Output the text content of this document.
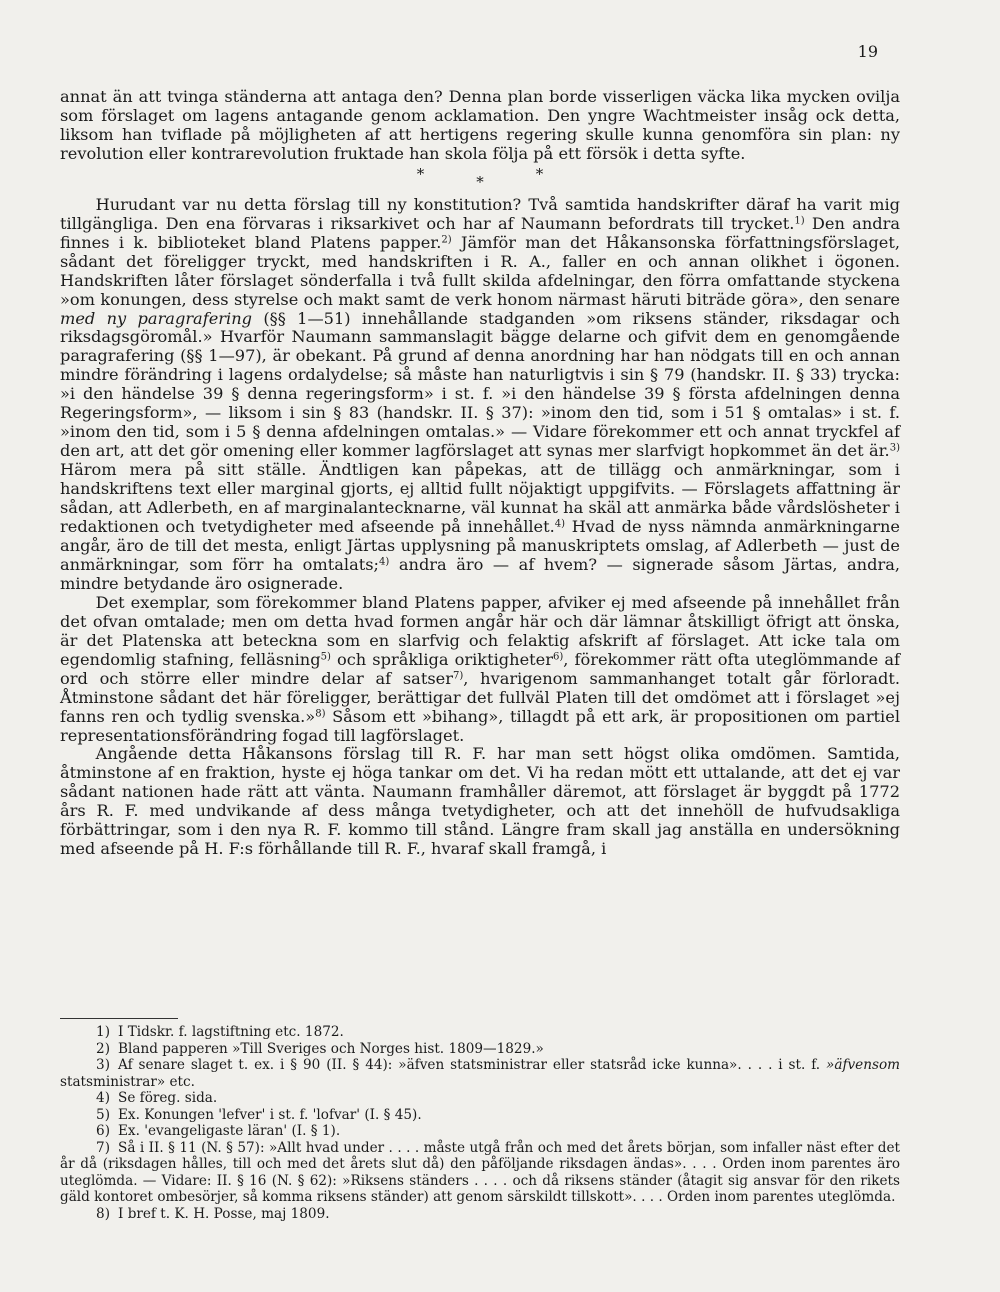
19

annat än att tvinga ständerna att antaga den? Denna plan borde visserligen väcka lika mycken ovilja som förslaget om lagens antagande genom acklamation. Den yngre Wachtmeister insåg ock detta, liksom han tviflade på möjligheten af att hertigens regering skulle kunna genomföra sin plan: ny revolution eller kontrarevolution fruktade han skola följa på ett försök i detta syfte.

*	*	*

Hurudant var nu detta förslag till ny konstitution? Två samtida handskrifter däraf ha varit mig tillgängliga. Den ena förvaras i riksarkivet och har af Naumann befordrats till trycket.$^{1)}$ Den andra finnes i k. biblioteket bland Platens papper.$^{2)}$ Jämför man det Håkansonska författningsförslaget, sådant det föreligger tryckt, med handskriften i R. A., faller en och annan olikhet i ögonen. Handskriften låter förslaget sönderfalla i två fullt skilda afdelningar, den förra omfattande styckena »om konungen, dess styrelse och makt samt de verk honom närmast häruti biträde göra», den senare med ny paragrafering (§§ 1—51) innehållande stadganden »om riksens ständer, riksdagar och riksdagsgöromål.» Hvarför Naumann sammanslagit bägge delarne och gifvit dem en genomgående paragrafering (§§ 1—97), är obekant. På grund af denna anordning har han nödgats till en och annan mindre förändring i lagens ordalydelse; så måste han naturligtvis i sin § 79 (handskr. II. § 33) trycka: »i den händelse 39 § denna regeringsform» i st. f. »i den händelse 39 § första afdelningen denna Regeringsform», — liksom i sin § 83 (handskr. II. § 37): »inom den tid, som i 51 § omtalas» i st. f. »inom den tid, som i 5 § denna afdelningen omtalas.» — Vidare förekommer ett och annat tryckfel af den art, att det gör omening eller kommer lagförslaget att synas mer slarfvigt hopkommet än det är.$^{3)}$ Härom mera på sitt ställe. Ändtligen kan påpekas, att de tillägg och anmärkningar, som i handskriftens text eller marginal gjorts, ej alltid fullt nöjaktigt uppgifvits. — Förslagets affattning är sådan, att Adlerbeth, en af marginalantecknarne, väl kunnat ha skäl att anmärka både vårdslösheter i redaktionen och tvetydigheter med afseende på innehållet.$^{4)}$ Hvad de nyss nämnda anmärkningarne angår, äro de till det mesta, enligt Järtas upplysning på manuskriptets omslag, af Adlerbeth — just de anmärkningar, som förr ha omtalats;$^{4)}$ andra äro — af hvem? — signerade såsom Järtas, andra, mindre betydande äro osignerade.

Det exemplar, som förekommer bland Platens papper, afviker ej med afseende på innehållet från det ofvan omtalade; men om detta hvad formen angår här och där lämnar åtskilligt öfrigt att önska, är det Platenska att beteckna som en slarfvig och felaktig afskrift af förslaget. Att icke tala om egendomlig stafning, felläsning$^{5)}$ och språkliga oriktigheter$^{6)}$, förekommer rätt ofta uteglömmande af ord och större eller mindre delar af satser$^{7)}$, hvarigenom sammanhanget totalt går förloradt. Åtminstone sådant det här föreligger, berättigar det fullväl Platen till det omdömet att i förslaget »ej fanns ren och tydlig svenska.»$^{8)}$ Såsom ett »bihang», tillagdt på ett ark, är propositionen om partiel representationsförändring fogad till lagförslaget.

Angående detta Håkansons förslag till R. F. har man sett högst olika omdömen. Samtida, åtminstone af en fraktion, hyste ej höga tankar om det. Vi ha redan mött ett uttalande, att det ej var sådant nationen hade rätt att vänta. Naumann framhåller däremot, att förslaget är byggdt på 1772 års R. F. med undvikande af dess många tvetydigheter, och att det innehöll de hufvudsakliga förbättringar, som i den nya R. F. kommo till stånd. Längre fram skall jag anställa en undersökning med afseende på H. F:s förhållande till R. F., hvaraf skall framgå, i

1) I Tidskr. f. lagstiftning etc. 1872.

2) Bland papperen »Till Sveriges och Norges hist. 1809—1829.»

3) Af senare slaget t. ex. i § 90 (II. § 44): »äfven statsministrar eller statsråd icke kunna». . . . i st. f. »äfvensom statsministrar» etc.

4) Se föreg. sida.

5) Ex. Konungen 'lefver' i st. f. 'lofvar' (I. § 45).

6) Ex. 'evangeligaste läran' (I. § 1).

7) Så i II. § 11 (N. § 57): »Allt hvad under . . . . måste utgå från och med det årets början, som infaller näst efter det år då (riksdagen hålles, till och med det årets slut då) den påföljande riksdagen ändas». . . . Orden inom parentes äro uteglömda. — Vidare: II. § 16 (N. § 62): »Riksens ständers . . . . och då riksens ständer (åtagit sig ansvar för den rikets gäld kontoret ombesörjer, så komma riksens ständer) att genom särskildt tillskott». . . . Orden inom parentes uteglömda.

8) I bref t. K. H. Posse, maj 1809.
